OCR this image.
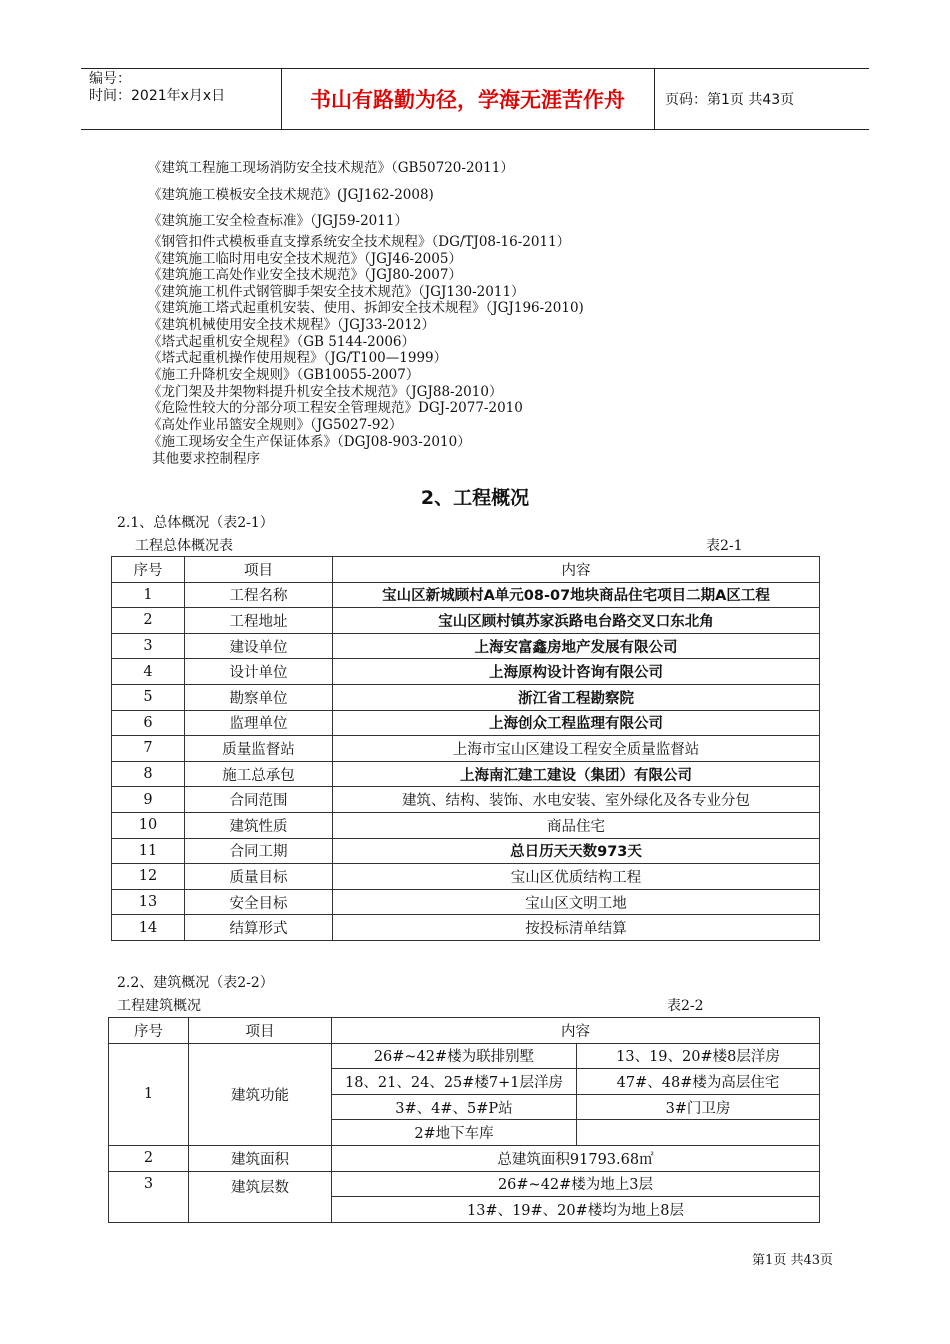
编号：
时间：2021年x月x日	书山有路勤为径，学海无涯苦作舟	页码：第1页 共43页
《建筑工程施工现场消防安全技术规范》（GB50720-2011）
《建筑施工模板安全技术规范》(JGJ162-2008)
《建筑施工安全检查标准》（JGJ59-2011）
《钢管扣件式模板垂直支撑系统安全技术规程》（DG/TJ08-16-2011）
《建筑施工临时用电安全技术规范》（JGJ46-2005）
《建筑施工高处作业安全技术规范》（JGJ80-2007）
《建筑施工机件式钢管脚手架安全技术规范》（JGJ130-2011）
《建筑施工塔式起重机安装、使用、拆卸安全技术规程》（JGJ196-2010)
《建筑机械使用安全技术规程》（JGJ33-2012）
《塔式起重机安全规程》（GB 5144-2006）
《塔式起重机操作使用规程》（JG/T100—1999）
《施工升降机安全规则》（GB10055-2007）
《龙门架及井架物料提升机安全技术规范》（JGJ88-2010）
《危险性较大的分部分项工程安全管理规范》DGJ-2077-2010
《高处作业吊篮安全规则》（JG5027-92）
《施工现场安全生产保证体系》（DGJ08-903-2010）
其他要求控制程序
2、工程概况
2.1、总体概况（表2-1）
工程总体概况表	表2-1
序号	项目	内容
1	工程名称	宝山区新城顾村A单元08-07地块商品住宅项目二期A区工程
2	工程地址	宝山区顾村镇苏家浜路电台路交叉口东北角
3	建设单位	上海安富鑫房地产发展有限公司
4	设计单位	上海原构设计咨询有限公司
5	勘察单位	浙江省工程勘察院
6	监理单位	上海创众工程监理有限公司
7	质量监督站	上海市宝山区建设工程安全质量监督站
8	施工总承包	上海南汇建工建设（集团）有限公司
9	合同范围	建筑、结构、装饰、水电安装、室外绿化及各专业分包
10	建筑性质	商品住宅
11	合同工期	总日历天天数973天
12	质量目标	宝山区优质结构工程
13	安全目标	宝山区文明工地
14	结算形式	按投标清单结算
2.2、建筑概况（表2-2）
工程建筑概况	表2-2
序号	项目	内容	
1	建筑功能	26#~42#楼为联排别墅	13、19、20#楼8层洋房
		18、21、24、25#楼7+1层洋房	47#、48#楼为高层住宅
		3#、4#、5#P站	3#门卫房
		2#地下车库	
2	建筑面积	总建筑面积91793.68㎡	
3	建筑层数	26#~42#楼为地上3层	
		13#、19#、20#楼均为地上8层	
第1页 共43页
